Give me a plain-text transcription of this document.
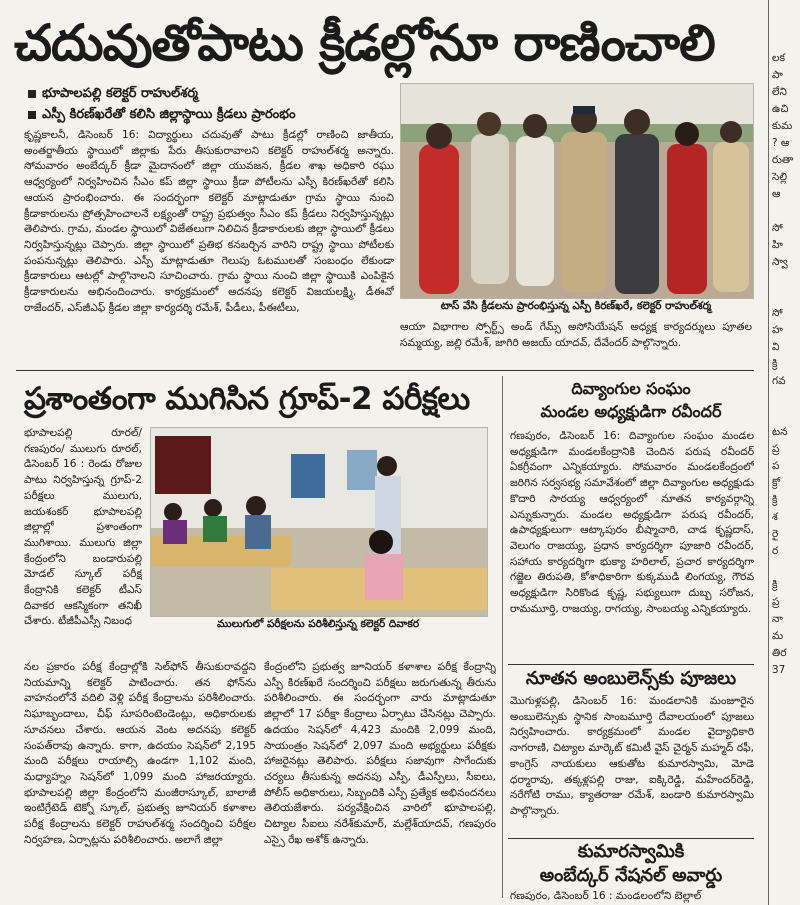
చదువుతోపాటు క్రీడల్లోనూ రాణించాలి
భూపాలపల్లి కలెక్టర్ రాహుల్‌శర్మ
ఎస్పీ కిరణ్‌ఖరేతో కలిసి జిల్లాస్థాయి క్రీడలు ప్రారంభం
కృష్ణకాలనీ, డిసెంబర్ 16: విద్యార్థులు చదువుతో పాటు క్రీడల్లో రాణించి జాతీయ, అంతర్జాతీయ స్థాయిలో జిల్లాకు పేరు తీసుకురావాలని కలెక్టర్ రాహుల్‌శర్మ అన్నారు. సోమవారం అంబేద్కర్ క్రీడా మైదానంలో జిల్లా యువజన, క్రీడల శాఖ అధికారి రఘు ఆధ్వర్యంలో నిర్వహించిన సీఎం కప్ జిల్లా స్థాయి క్రీడా పోటీలను ఎస్పీ కిరణ్‌ఖరేతో కలిసి ఆయన ప్రారంభించారు. ఈ సందర్భంగా కలెక్టర్ మాట్లాడుతూ గ్రామ స్థాయి నుంచి క్రీడాకారులను ప్రోత్సహించాలనే లక్ష్యంతో రాష్ట్ర ప్రభుత్వం సీఎం కప్ క్రీడలు నిర్వహిస్తున్నట్లు తెలిపారు. గ్రామ, మండల స్థాయిలో విజేతలుగా నిలిచిన క్రీడాకారులకు జిల్లా స్థాయిలో క్రీడలు నిర్వహిస్తున్నట్లు చెప్పారు. జిల్లా స్థాయిలో ప్రతిభ కనబర్చిన వారిని రాష్ట్ర స్థాయి పోటీలకు పంపనున్నట్లు తెలిపారు. ఎస్పీ మాట్లాడుతూ గెలుపు ఓటములతో సంబంధం లేకుండా క్రీడాకారులు ఆటల్లో పాల్గొనాలని సూచించారు. గ్రామ స్థాయి నుంచి జిల్లా స్థాయికి ఎంపికైన క్రీడాకారులను అభినందించారు. కార్యక్రమంలో అదనపు కలెక్టర్ విజయలక్ష్మి, డీఈవో రాజేందర్, ఎస్‌జీఎఫ్ క్రీడల జిల్లా కార్యదర్శి రమేశ్, పీడీలు, పీఈటీలు,	టాస్ వేసి క్రీడలను ప్రారంభిస్తున్న ఎస్పీ కిరణ్‌ఖరే, కలెక్టర్ రాహుల్‌శర్మ
ఆయా విభాగాల స్పోర్ట్స్ అండ్ గేమ్స్ అసోసియేషన్ అధ్యక్ష కార్యదర్శులు పూతల సమ్మయ్య, జల్లి రమేశ్, జాగిరి అజయ్ యాదవ్, దేవేందర్ పాల్గొన్నారు.
ప్రశాంతంగా ముగిసిన గ్రూప్-2 పరీక్షలు
భూపాలపల్లి రూరల్/ గణపురం/ ములుగు రూరల్, డిసెంబర్ 16 : రెండు రోజుల పాటు నిర్వహిస్తున్న గ్రూప్-2 పరీక్షలు ములుగు, జయశంకర్ భూపాలపల్లి జిల్లాల్లో ప్రశాంతంగా ముగిశాయి. ములుగు జిల్లా కేంద్రంలోని బండారుపల్లి మోడల్ స్కూల్ పరీక్ష కేంద్రానికి కలెక్టర్ టీఎస్ దివాకర ఆకస్మికంగా తనిఖీ చేశారు. టీజీపీఎస్సీ నిబంధ	ములుగులో పరీక్షలను పరిశీలిస్తున్న కలెక్టర్ దివాకర
నల ప్రకారం పరీక్ష కేంద్రాల్లోకి సెల్‌ఫోన్ తీసుకురావద్దని నియమాన్ని కలెక్టర్ పాటించారు. తన ఫోన్‌ను వాహనంలోనే వదిలి వెళ్లి పరీక్ష కేంద్రాలను పరిశీలించారు. నిఘాబృందాలు, చీఫ్ సూపరింటెండెంట్లు, అధికారులకు సూచనలు చేశారు. ఆయన వెంట అదనపు కలెక్టర్ సంపత్‌రావు ఉన్నారు. కాగా, ఉదయం సెషన్‌లో 2,195 మంది పరీక్షలు రాయాల్సి ఉండగా 1,102 మంది, మధ్యాహ్నం సెషన్‌లో 1,099 మంది హాజరయ్యారు. భూపాలపల్లి జిల్లా కేంద్రంలోని మంజీరాస్కూల్, బాలాజీ ఇంటిగ్రేటెడ్ టెక్నో స్కూల్, ప్రభుత్వ జూనియర్ కళాశాల పరీక్ష కేంద్రాలను కలెక్టర్ రాహుల్‌శర్మ సందర్శించి పరీక్షల నిర్వహణ, ఏర్పాట్లను పరిశీలించారు. అలాగే జిల్లా
కేంద్రంలోని ప్రభుత్వ జూనియర్ కళాశాల పరీక్ష కేంద్రాన్ని ఎస్పీ కిరణ్‌ఖరే సందర్శించి పరీక్షలు జరుగుతున్న తీరును పరిశీలించారు. ఈ సందర్భంగా వారు మాట్లాడుతూ జిల్లాలో 17 పరీక్షా కేంద్రాలు ఏర్పాటు చేసినట్లు చెప్పారు. ఉదయం సెషన్‌లో 4,423 మందికి 2,099 మంది, సాయంత్రం సెషన్‌లో 2,097 మంది అభ్యర్థులు పరీక్షకు హాజరైనట్లు తెలిపారు. పరీక్షలు సజావుగా సాగేందుకు చర్యలు తీసుకున్న అదనపు ఎస్పీ, డీఎస్పీలు, సీఐలు, పోలీస్ అధికారులు, సిబ్బందికి ఎస్పీ ప్రత్యేక అభినందనలు తెలియజేశారు. పర్యవేక్షించిన వారిలో భూపాలపల్లి, చిట్యాల సీఐలు నరేశ్‌కుమార్, మల్లేశ్‌యాదవ్, గణపురం ఎస్సై రేఖ అశోక్ ఉన్నారు.
దివ్యాంగుల సంఘం
మండల అధ్యక్షుడిగా రవీందర్
గణపురం, డిసెంబర్ 16: దివ్యాంగుల సంఘం మండల అధ్యక్షుడిగా మండలకేంద్రానికి చెందిన పరుష రవీందర్ ఏకగ్రీవంగా ఎన్నికయ్యారు. సోమవారం మండలకేంద్రంలో జరిగిన సర్వసభ్య సమావేశంలో జిల్లా దివ్యాంగుల అధ్యక్షుడు కొదారి సారయ్య ఆధ్వర్యంలో నూతన కార్యవర్గాన్ని ఎన్నుకున్నారు. మండల అధ్యక్షుడిగా పరుష రవీందర్, ఉపాధ్యక్షులుగా ఆట్కాపురం బీష్మాచారి, చాడ కృష్ణదాస్, వెలుగం రాజయ్య, ప్రధాన కార్యదర్శిగా పూజారి రవీందర్, సహాయ కార్యదర్శిగా భుక్యా హరిలాల్, ప్రచార కార్యదర్శిగా గజ్జెల తిరుపతి, కోశాధికారిగా కుక్కముడి లింగయ్య, గౌరవ అధ్యక్షుడిగా సిరికొండ కృష్ణ, సభ్యులుగా దుబ్బ సరోజన, రామమూర్తి, రాజయ్య, రాగయ్య, సాంబయ్య ఎన్నికయ్యారు.
నూతన అంబులెన్స్‌కు పూజలు
మొగుళ్లపల్లి, డిసెంబర్ 16: మండలానికి మంజూరైన అంబులెన్సుకు స్థానిక సాంబమూర్తి దేవాలయంలో పూజలు నిర్వహించారు. కార్యక్రమంలో మండల వైద్యాధికారి నాగరాణి, చిట్యాల మార్కెట్ కమిటీ వైస్ చైర్మన్ మహ్మద్ రఫీ, కాంగ్రెస్ నాయకులు ఆకుతోట కుమారస్వామి, మోడె ధర్మారావు, తక్కళ్లపల్లి రాజు, ఐక్కిరెడ్డి, మహేందర్‌రెడ్డి, నరేగోటి రాము, క్యాతరాజు రమేశ్, బండారి కుమారస్వామి పాల్గొన్నారు.
కుమారస్వామికి
అంబేద్కర్ నేషనల్ అవార్డు
గణపురం, డిసెంబర్ 16 : మండలంలోని బెల్లాల్
లక
పా
లేని
ఉచి
కుమ
? ఆ
రుతా
సెల్లి
ఆ

సో
హి
స్వా

సో
హ
వి
క్రి
గవ

టన
ప్ర
ప
క్రో
క్రి
శ
రై
ర

క్రి
ప్ర
నా
మ
తిర
37
